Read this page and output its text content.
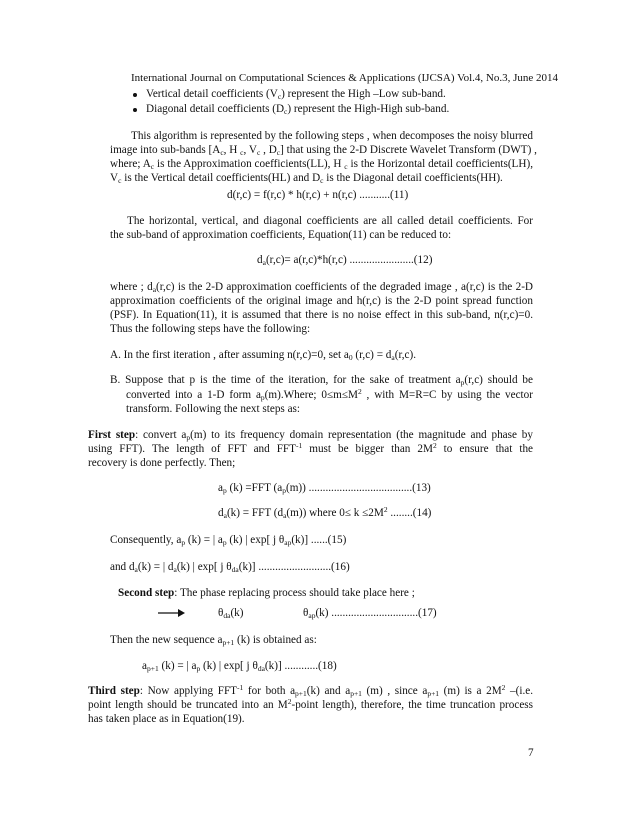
International Journal on Computational Sciences & Applications (IJCSA) Vol.4, No.3, June 2014
Vertical detail coefficients $(V_c)$ represent the High –Low sub-band.
Diagonal detail coefficients $(D_c)$ represent the High-High sub-band.
This algorithm is represented by the following steps , when decomposes the noisy blurred
image into sub-bands [$A_c$, H $_c$, $V_c$ , $D_c$] that using the 2-D Discrete Wavelet Transform (DWT) ,
where; $A_c$ is the Approximation coefficients(LL), H $_c$ is the Horizontal detail coefficients(LH),
$V_c$ is the Vertical detail coefficients(HL) and $D_c$ is the Diagonal detail coefficients(HH).
d(r,c) = f(r,c) * h(r,c) + n(r,c) ...........(11)
The horizontal, vertical, and diagonal coefficients are all called detail coefficients. For
the sub-band of approximation coefficients, Equation(11) can be reduced to:
$d_a(r,c)= a(r,c)*h(r,c)$ .......................(12)
where ; $d_a(r,c)$ is the 2-D approximation coefficients of the degraded image , a(r,c) is the 2-D
approximation coefficients of the original image and h(r,c) is the 2-D point spread function
(PSF). In Equation(11), it is assumed that there is no noise effect in this sub-band, n(r,c)=0.
Thus the following steps have the following:
A. In the first iteration , after assuming n(r,c)=0, set $a_0$ $(r,c) = d_a(r,c)$.
B. Suppose that p is the time of the iteration, for the sake of treatment $a_p(r,c)$ should be
converted into a 1-D form $a_p(m).Where$; $0\le m\le M^2$ , with M=R=C by using the vector
transform. Following the next steps as:
First step: convert $a_p(m)$ to its frequency domain representation (the magnitude and phase by
using FFT). The length of FFT and $FFT^{-1}$ must be bigger than $2M^2$ to ensure that the
recovery is done perfectly. Then;
$a_p$ (k) =FFT $(a_p(m))$ .....................................(13)
$d_a(k)$ = FFT $(d_a(m))$ where $0\le k \le 2M^2$ ........(14)
Consequently, $a_p$ (k) = | $a_p$ (k) | exp[ j $\theta_{ap}(k)$] ......(15)
and $d_a(k)$ = | $d_a(k)$ | exp[ j $\theta_{da}(k)$] ..........................(16)
Second step: The phase replacing process should take place here ;
$\theta_{da}(k)$	$\theta_{ap}(k)$ ...............................(17)
Then the new sequence $a_{p+1}$ (k) is obtained as:
$a_{p+1}$ (k) = | $a_p$ (k) | exp[ j $\theta_{da}(k)$] ............(18)
Third step: Now applying $FFT^{-1}$ for both $a_{p+1}(k)$ and $a_{p+1}$ (m) , since $a_{p+1}$ (m) is a $2M^2$ –(i.e.
point length should be truncated into an $M^2$-point length), therefore, the time truncation process
has taken place as in Equation(19).
7
